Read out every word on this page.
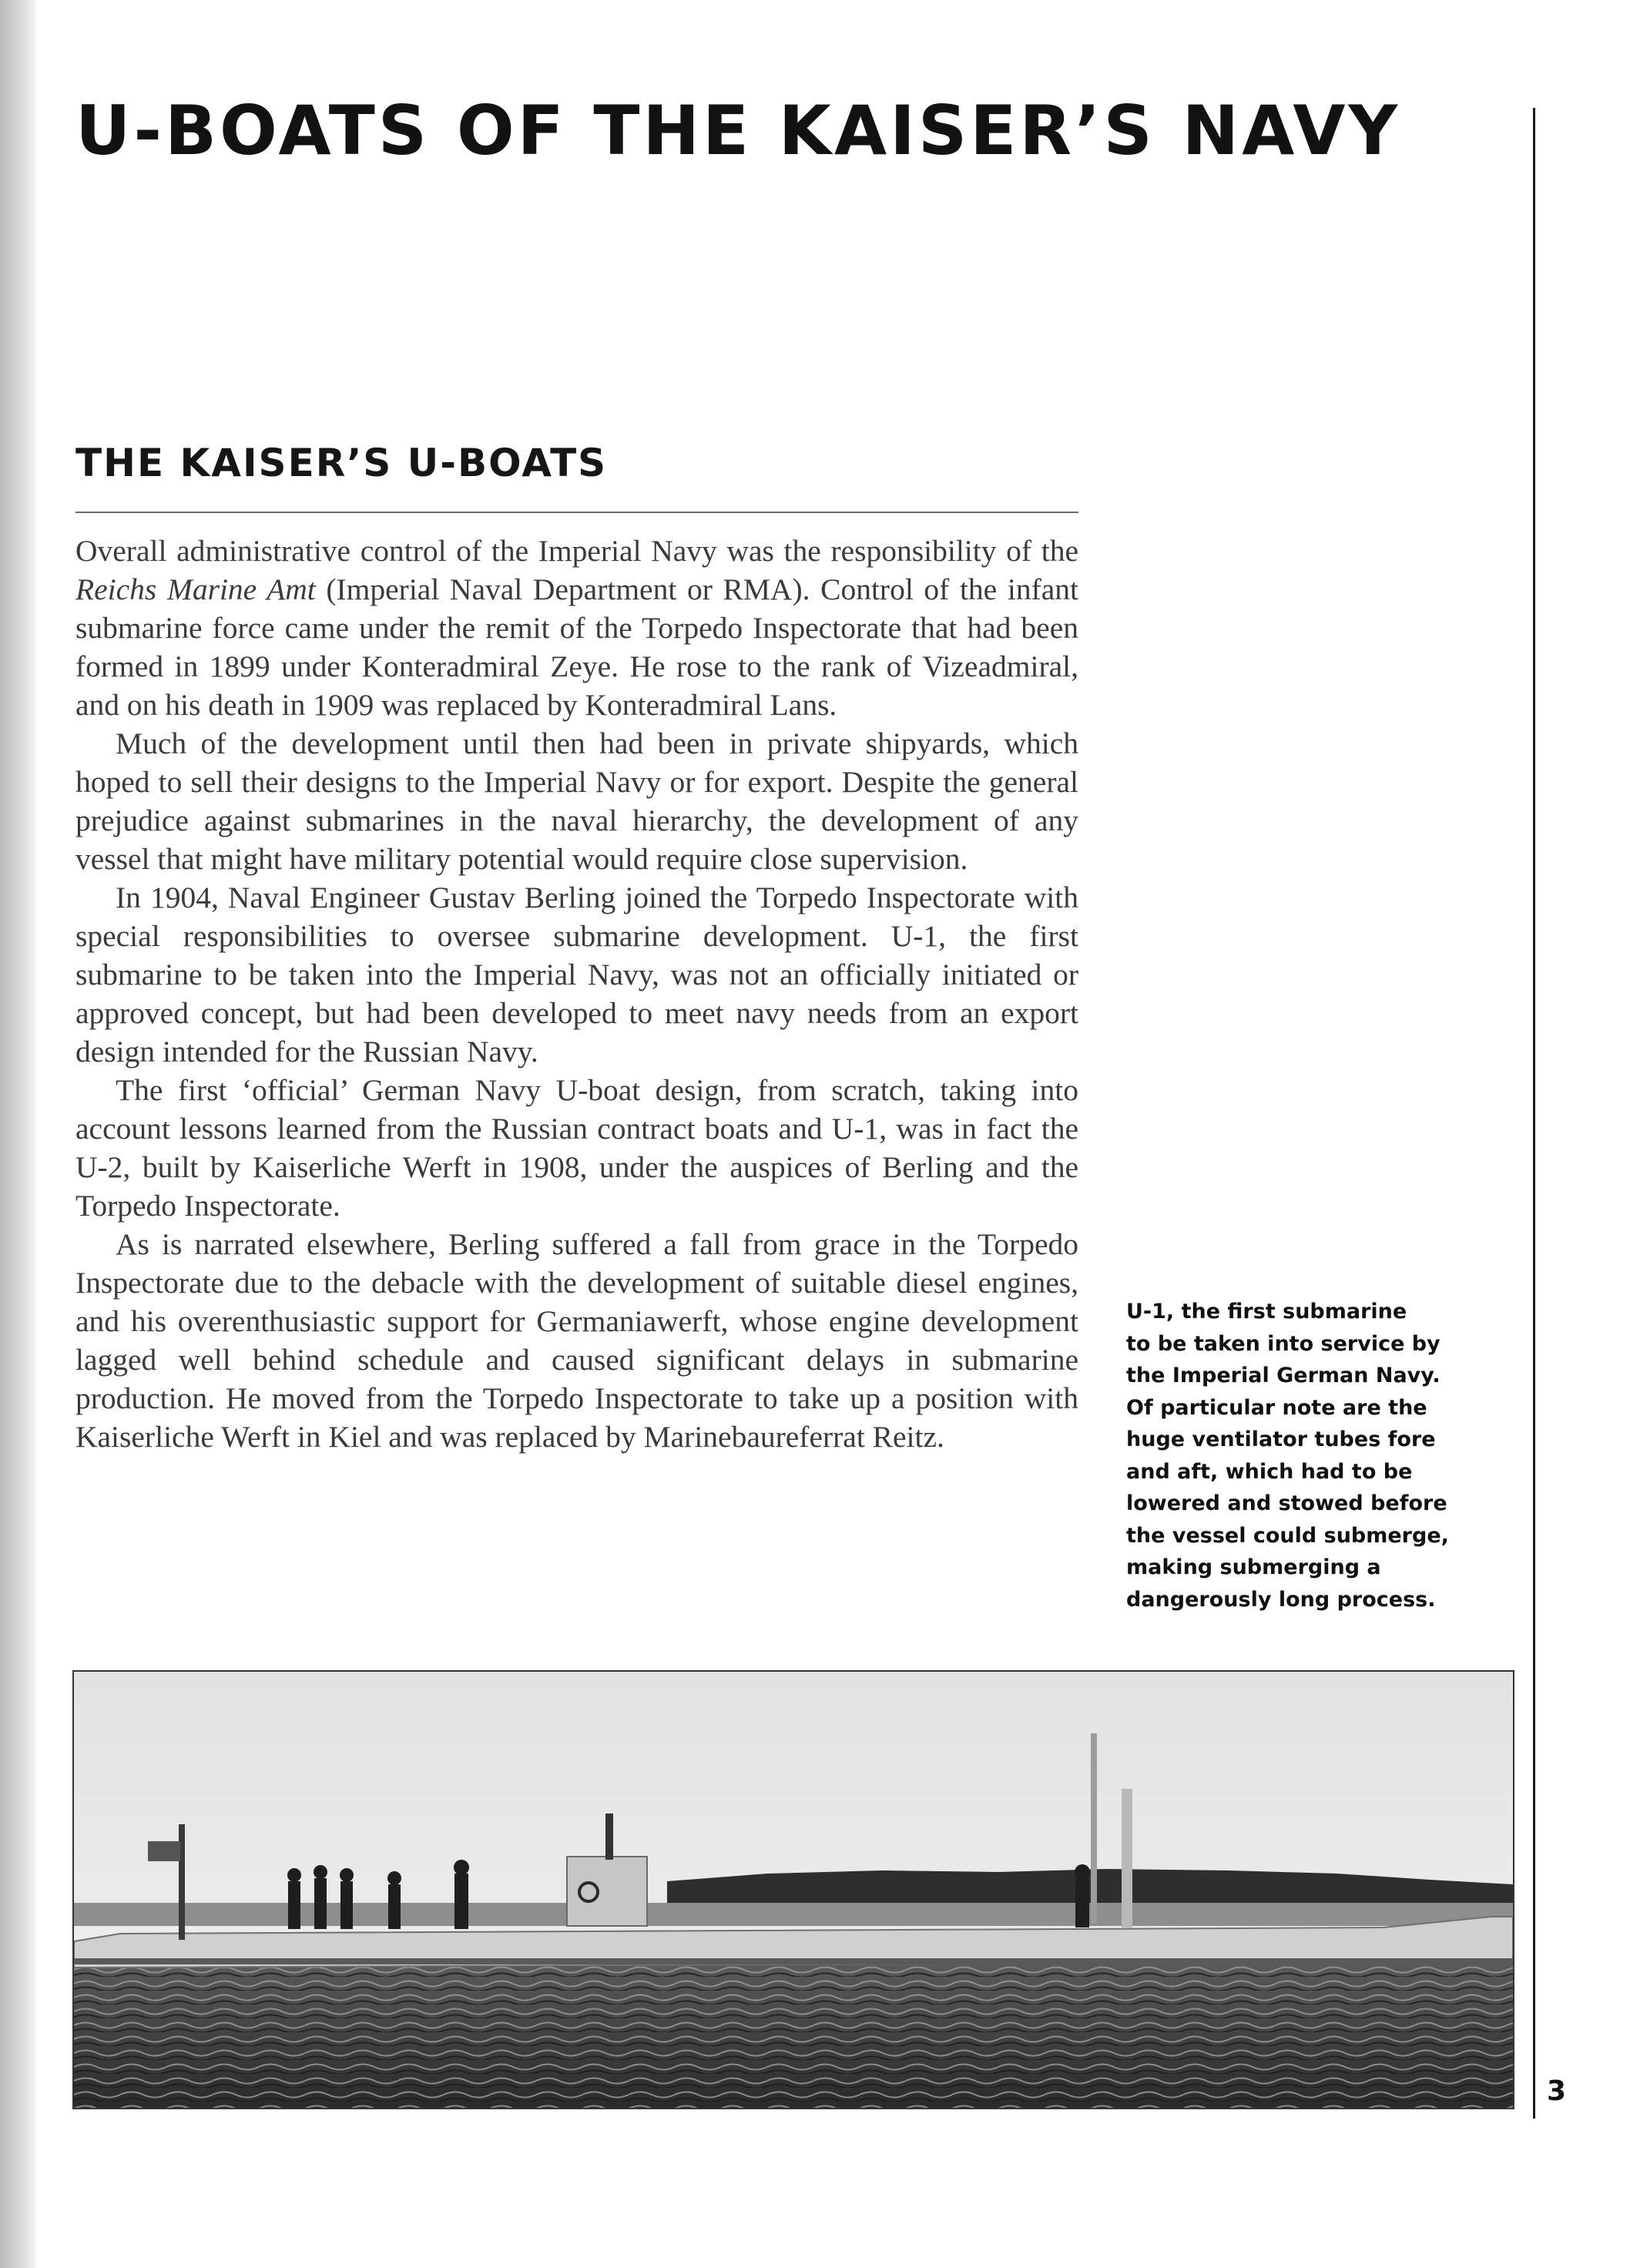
U-BOATS OF THE KAISER’S NAVY
THE KAISER’S U-BOATS

Overall administrative control of the Imperial Navy was the responsibility of the Reichs Marine Amt (Imperial Naval Department or RMA). Control of the infant submarine force came under the remit of the Torpedo Inspectorate that had been formed in 1899 under Konteradmiral Zeye. He rose to the rank of Vizeadmiral, and on his death in 1909 was replaced by Konteradmiral Lans.

Much of the development until then had been in private shipyards, which hoped to sell their designs to the Imperial Navy or for export. Despite the general prejudice against submarines in the naval hierarchy, the development of any vessel that might have military potential would require close supervision.

In 1904, Naval Engineer Gustav Berling joined the Torpedo Inspectorate with special responsibilities to oversee submarine development. U-1, the first submarine to be taken into the Imperial Navy, was not an officially initiated or approved concept, but had been developed to meet navy needs from an export design intended for the Russian Navy.

The first ‘official’ German Navy U-boat design, from scratch, taking into account lessons learned from the Russian contract boats and U-1, was in fact the U-2, built by Kaiserliche Werft in 1908, under the auspices of Berling and the Torpedo Inspectorate.

As is narrated elsewhere, Berling suffered a fall from grace in the Torpedo Inspectorate due to the debacle with the development of suitable diesel engines, and his overenthusiastic support for Germaniawerft, whose engine development lagged well behind schedule and caused significant delays in submarine production. He moved from the Torpedo Inspectorate to take up a position with Kaiserliche Werft in Kiel and was replaced by Marinebaureferrat Reitz.

U-1, the first submarine
to be taken into service by
the Imperial German Navy.
Of particular note are the
huge ventilator tubes fore
and aft, which had to be
lowered and stowed before
the vessel could submerge,
making submerging a
dangerously long process.
3
